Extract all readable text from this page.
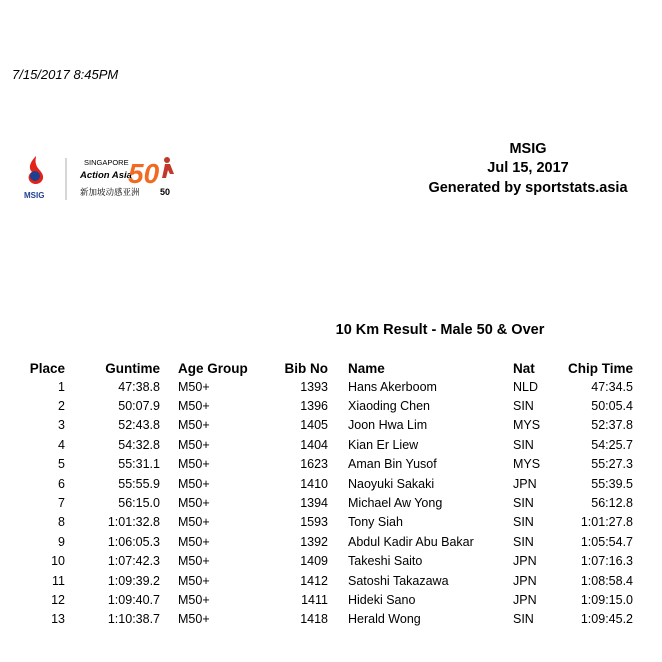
7/15/2017 8:45PM
MSIG
SINGAPORE
Action Asia
新加坡动感亚洲 50
50
MSIG
Jul 15, 2017
Generated by sportstats.asia
10 Km Result - Male 50 & Over
Place	Guntime	Age Group	Bib No	Name	Nat	Chip Time
1	47:38.8	M50+	1393	Hans Akerboom	NLD	47:34.5
2	50:07.9	M50+	1396	Xiaoding Chen	SIN	50:05.4
3	52:43.8	M50+	1405	Joon Hwa Lim	MYS	52:37.8
4	54:32.8	M50+	1404	Kian Er Liew	SIN	54:25.7
5	55:31.1	M50+	1623	Aman Bin Yusof	MYS	55:27.3
6	55:55.9	M50+	1410	Naoyuki Sakaki	JPN	55:39.5
7	56:15.0	M50+	1394	Michael Aw Yong	SIN	56:12.8
8	1:01:32.8	M50+	1593	Tony Siah	SIN	1:01:27.8
9	1:06:05.3	M50+	1392	Abdul Kadir Abu Bakar	SIN	1:05:54.7
10	1:07:42.3	M50+	1409	Takeshi Saito	JPN	1:07:16.3
11	1:09:39.2	M50+	1412	Satoshi Takazawa	JPN	1:08:58.4
12	1:09:40.7	M50+	1411	Hideki Sano	JPN	1:09:15.0
13	1:10:38.7	M50+	1418	Herald Wong	SIN	1:09:45.2
